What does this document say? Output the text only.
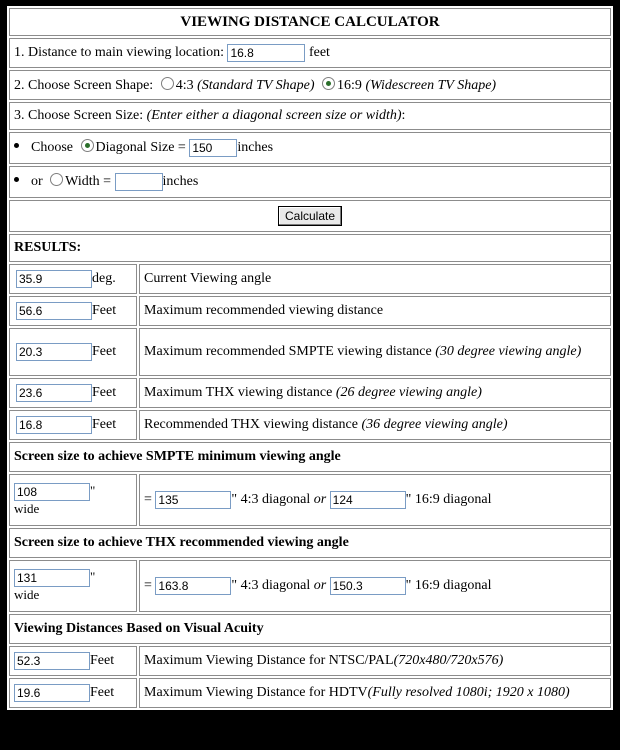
VIEWING DISTANCE CALCULATOR	
1. Distance to main viewing location: 16.8 feet
2. Choose Screen Shape: 4:3 (Standard TV Shape) 16:9 (Widescreen TV Shape)	
3. Choose Screen Size: (Enter either a diagonal screen size or width):	
Choose Diagonal Size = 150 inches
or Width = inches	
Calculate	
RESULTS:	
35.9deg.	Current Viewing angle
56.6Feet	Maximum recommended viewing distance
20.3Feet	Maximum recommended SMPTE viewing distance (30 degree viewing angle)
23.6Feet	Maximum THX viewing distance (26 degree viewing angle)
16.8Feet	Recommended THX viewing distance (36 degree viewing angle)
Screen size to achieve SMPTE minimum viewing angle	
108"
wide	= 135 " 4:3 diagonal or 124 " 16:9 diagonal
Screen size to achieve THX recommended viewing angle	
131"
wide	= 163.8 " 4:3 diagonal or 150.3 " 16:9 diagonal
Viewing Distances Based on Visual Acuity	
52.3Feet	Maximum Viewing Distance for NTSC/PAL(720x480/720x576)
19.6Feet	Maximum Viewing Distance for HDTV(Fully resolved 1080i; 1920 x 1080)
